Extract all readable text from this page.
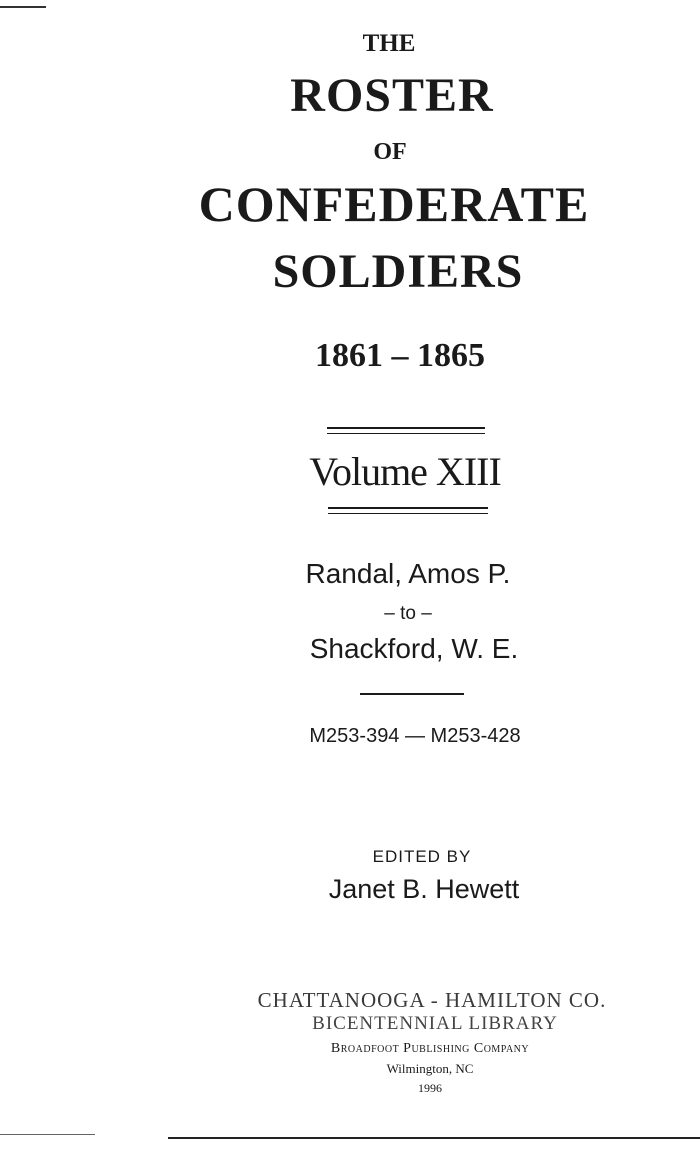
THE
ROSTER
OF
CONFEDERATE
SOLDIERS
1861 – 1865
Volume XIII
Randal, Amos P.
– to –
Shackford, W. E.
M253-394 — M253-428
EDITED BY
Janet B. Hewett
CHATTANOOGA - HAMILTON CO.
BICENTENNIAL LIBRARY
Broadfoot Publishing Company
Wilmington, NC
1996
